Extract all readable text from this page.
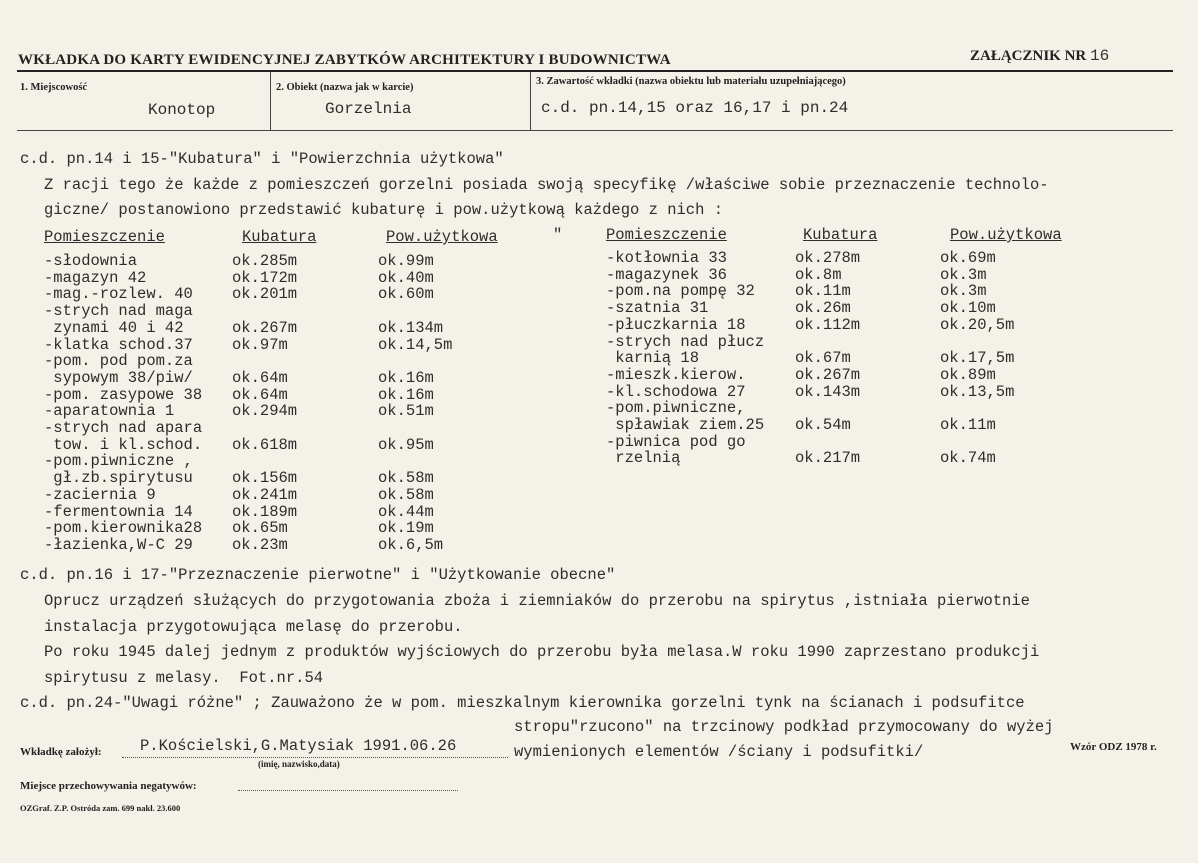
WKŁADKA DO KARTY EWIDENCYJNEJ ZABYTKÓW ARCHITEKTURY I BUDOWNICTWA	ZAŁĄCZNIK NR 16
1. Miejscowość
Konotop
2. Obiekt (nazwa jak w karcie)
Gorzelnia
3. Zawartość wkładki (nazwa obiektu lub materiału uzupełniającego)
c.d. pn.14,15 oraz 16,17 i pn.24
c.d. pn.14 i 15-"Kubatura" i "Powierzchnia użytkowa"
Z racji tego że każde z pomieszczeń gorzelni posiada swoją specyfikę /właściwe sobie przeznaczenie technolo-
giczne/ postanowiono przedstawić kubaturę i pow.użytkową każdego z nich :
Pomieszczenie	Kubatura	Pow.użytkowa	"	Pomieszczenie	Kubatura	Pow.użytkowa
-słodownia	ok.285m	ok.99m
-magazyn 42	ok.172m	ok.40m
-mag.-rozlew. 40	ok.201m	ok.60m
-strych nad maga
zynami 40 i 42	ok.267m	ok.134m
-klatka schod.37	ok.97m	ok.14,5m
-pom. pod pom.za
sypowym 38/piw/	ok.64m	ok.16m
-pom. zasypowe 38 ok.64m	ok.16m
-aparatownia 1	ok.294m	ok.51m
-strych nad apara
tow. i kl.schod. ok.618m	ok.95m
-pom.piwniczne ,
gł.zb.spirytusu	ok.156m	ok.58m
-zaciernia 9	ok.241m	ok.58m
-fermentownia 14	ok.189m	ok.44m
-pom.kierownika28 ok.65m	ok.19m
-łazienka,W-C 29	ok.23m	ok.6,5m
-kotłownia 33	ok.278m	ok.69m
-magazynek 36	ok.8m	ok.3m
-pom.na pompę 32	ok.11m	ok.3m
-szatnia 31	ok.26m	ok.10m
-płuczkarnia 18	ok.112m	ok.20,5m
-strych nad płucz
karnią 18	ok.67m	ok.17,5m
-mieszk.kierow.	ok.267m	ok.89m
-kl.schodowa 27	ok.143m	ok.13,5m
-pom.piwniczne,
spławiak ziem.25 ok.54m	ok.11m
-piwnica pod go
rzelnią	ok.217m	ok.74m
c.d. pn.16 i 17-"Przeznaczenie pierwotne" i "Użytkowanie obecne"
Oprucz urządzeń służących do przygotowania zboża i ziemniaków do przerobu na spirytus ,istniała pierwotnie
instalacja przygotowująca melasę do przerobu.
Po roku 1945 dalej jednym z produktów wyjściowych do przerobu była melasa.W roku 1990 zaprzestano produkcji
spirytusu z melasy.  Fot.nr.54
c.d. pn.24-"Uwagi różne" ; Zauważono że w pom. mieszkalnym kierownika gorzelni tynk na ścianach i podsufitce
stropu"rzucono" na trzcinowy podkład przymocowany do wyżej
wymienionych elementów /ściany i podsufitki/
Wkładkę założył: P.Kościelski,G.Matysiak 1991.06.26
(imię, nazwisko,data)
Wzór ODZ 1978 r.
Miejsce przechowywania negatywów:
OZGraf. Z.P. Ostróda zam. 699 nakł. 23.600
